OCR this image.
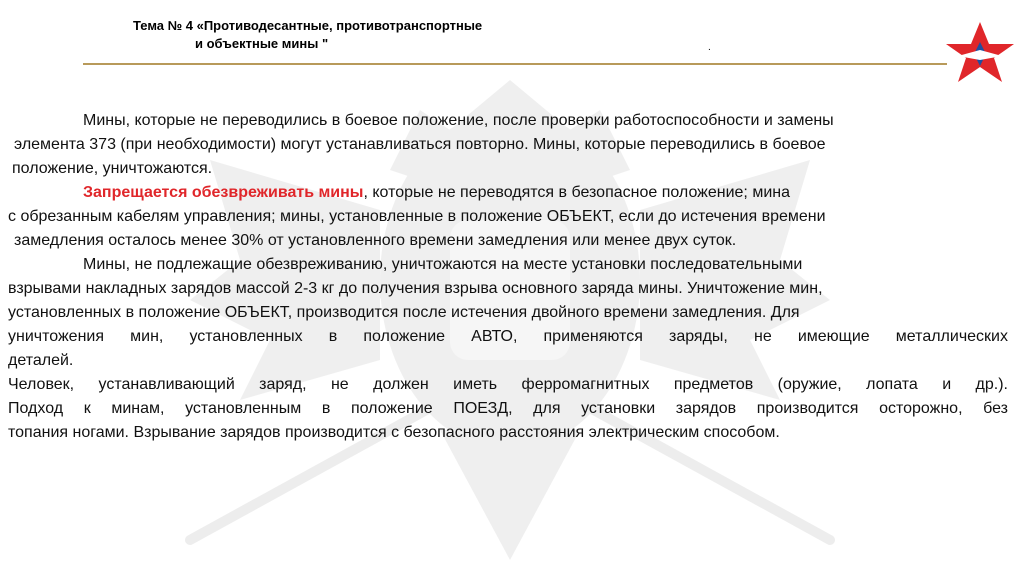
Тема № 4 «Противодесантные, противотранспортные
и объектные мины "	.

Мины, которые не переводились в боевое положение, после проверки работоспособности и замены

элемента 373 (при необходимости) могут устанавливаться повторно. Мины, которые переводились в боевое

положение, уничтожаются.

Запрещается обезвреживать мины, которые не переводятся в безопасное положение; мина

с обрезанным кабелям управления; мины, установленные в положение ОБЪЕКТ, если до истечения времени

замедления осталось менее 30% от установленного времени замедления или менее двух суток.

Мины, не подлежащие обезвреживанию, уничтожаются на месте установки последовательными

взрывами накладных зарядов массой 2-3 кг до получения взрыва основного заряда мины. Уничтожение мин,

установленных в положение ОБЪЕКТ, производится после истечения двойного времени замедления. Для

уничтожения мин, установленных в положение АВТО, применяются заряды, не имеющие металлических

деталей.

Человек, устанавливающий заряд, не должен иметь ферромагнитных предметов (оружие, лопата и др.).

Подход к минам, установленным в положение ПОЕЗД, для установки зарядов производится осторожно, без

топания ногами. Взрывание зарядов производится с безопасного расстояния электрическим способом.
